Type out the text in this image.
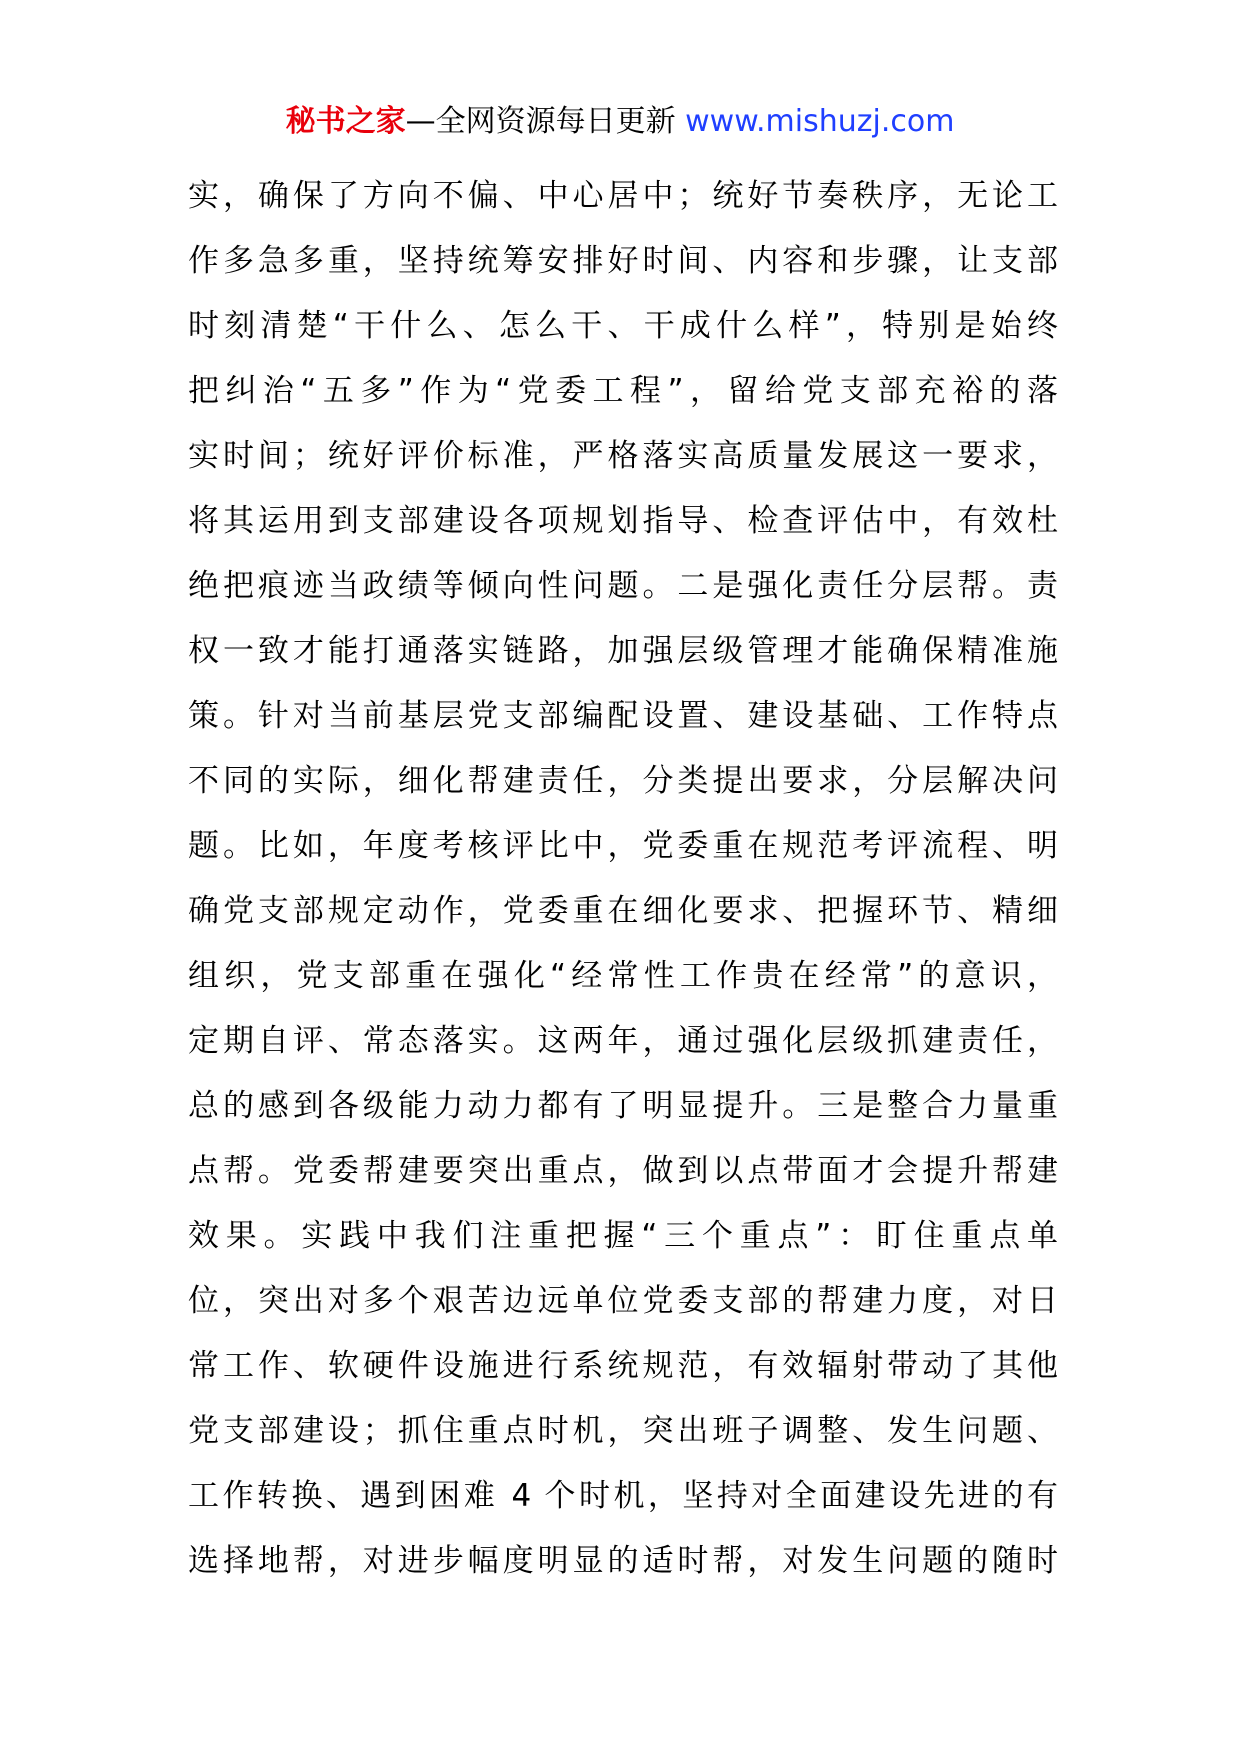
秘书之家—全网资源每日更新 www.mishuzj.com
实，确保了方向不偏、中心居中；统好节奏秩序，无论工
作多急多重，坚持统筹安排好时间、内容和步骤，让支部
时刻清楚“干什么、怎么干、干成什么样”，特别是始终
把纠治“五多”作为“党委工程”，留给党支部充裕的落
实时间；统好评价标准，严格落实高质量发展这一要求，
将其运用到支部建设各项规划指导、检查评估中，有效杜
绝把痕迹当政绩等倾向性问题。二是强化责任分层帮。责
权一致才能打通落实链路，加强层级管理才能确保精准施
策。针对当前基层党支部编配设置、建设基础、工作特点
不同的实际，细化帮建责任，分类提出要求，分层解决问
题。比如，年度考核评比中，党委重在规范考评流程、明
确党支部规定动作，党委重在细化要求、把握环节、精细
组织，党支部重在强化“经常性工作贵在经常”的意识，
定期自评、常态落实。这两年，通过强化层级抓建责任，
总的感到各级能力动力都有了明显提升。三是整合力量重
点帮。党委帮建要突出重点，做到以点带面才会提升帮建
效果。实践中我们注重把握“三个重点”：盯住重点单
位，突出对多个艰苦边远单位党委支部的帮建力度，对日
常工作、软硬件设施进行系统规范，有效辐射带动了其他
党支部建设；抓住重点时机，突出班子调整、发生问题、
工作转换、遇到困难 4 个时机，坚持对全面建设先进的有
选择地帮，对进步幅度明显的适时帮，对发生问题的随时
